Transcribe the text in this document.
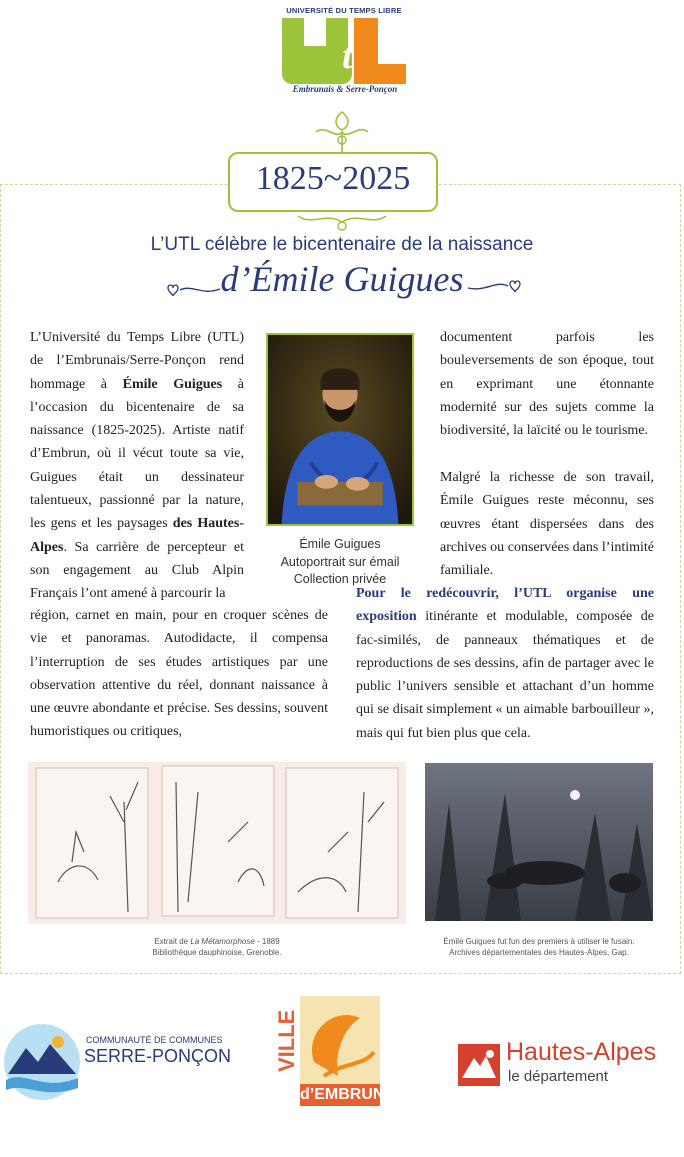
UNIVERSITÉ DU TEMPS LIBRE
t
Embrunais & Serre-Ponçon
1825~2025
L’UTL célèbre le bicentenaire de la naissance
d’Émile Guigues
L’Université du Temps Libre (UTL) de l’Embrunais/Serre-Ponçon rend hommage à Émile Guigues à l’occasion du bicentenaire de sa naissance (1825-2025). Artiste natif d’Embrun, où il vécut toute sa vie, Guigues était un dessinateur talentueux, passionné par la nature, les gens et les paysages des Hautes-Alpes. Sa carrière de percepteur et son engagement au Club Alpin Français l’ont amené à parcourir la
Émile Guigues
Autoportrait sur émail
Collection privée
région, carnet en main, pour en croquer scènes de vie et panoramas. Autodidacte, il compensa l’interruption de ses études artistiques par une observation attentive du réel, donnant naissance à une œuvre abondante et précise. Ses dessins, souvent humoristiques ou critiques,
documentent parfois les bouleversements de son époque, tout en exprimant une étonnante modernité sur des sujets comme la biodiversité, la laïcité ou le tourisme.
Malgré la richesse de son travail, Émile Guigues reste méconnu, ses œuvres étant dispersées dans des archives ou conservées dans l’intimité familiale.
Pour le redécouvrir, l’UTL organise une exposition itinérante et modulable, composée de fac-similés, de panneaux thématiques et de reproductions de ses dessins, afin de partager avec le public l’univers sensible et attachant d’un homme qui se disait simplement « un aimable barbouilleur », mais qui fut bien plus que cela.
Extrait de La Métamorphose - 1889
Bibliothèque dauphinoise, Grenoble.
Émile Guigues fut fun des premiers à utiliser le fusain.
Archives départementales des Hautes-Alpes, Gap.
COMMUNAUTÉ DE COMMUNES
SERRE-PONÇON VILLE
d’EMBRUN
Hautes-Alpes
le département
